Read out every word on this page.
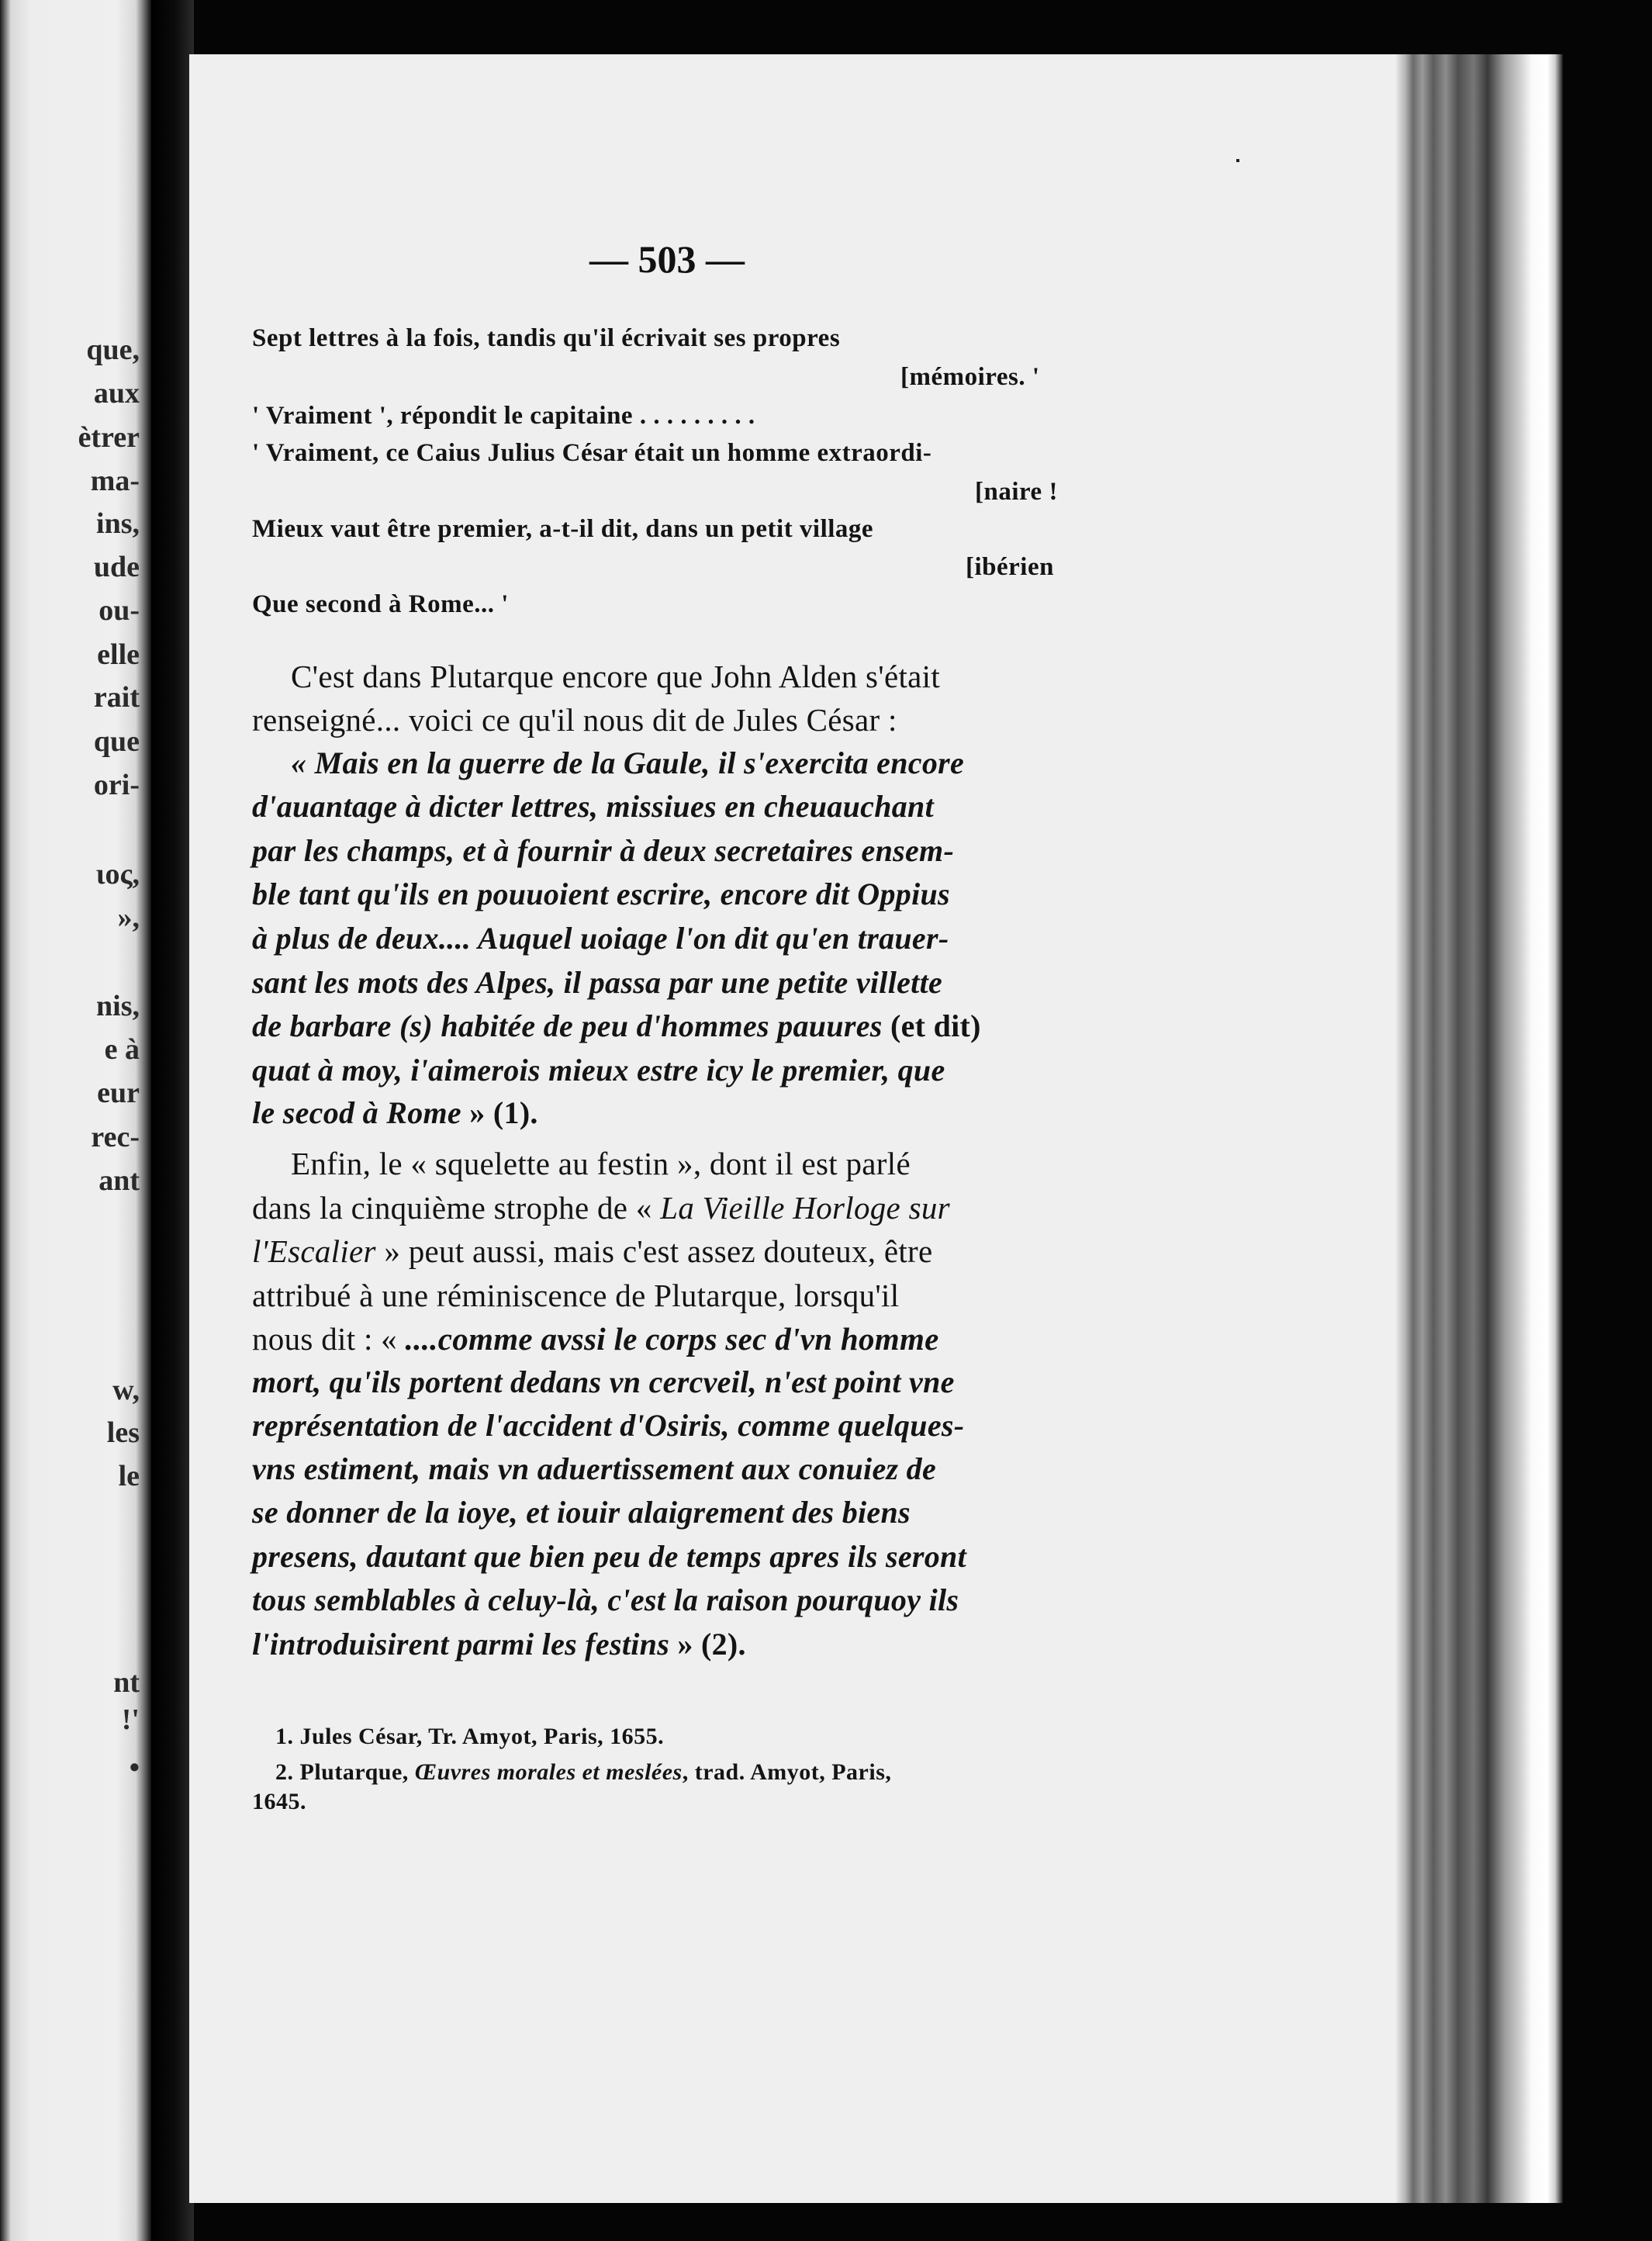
que,
aux
ètrer
ma-
ins,
ude
ou-
elle
rait
que
ori-
ιος,
»,
nis,
e à
eur
rec-
ant
w,
les
le
nt
!'
•
— 503 —
Sept lettres à la fois, tandis qu'il écrivait ses propres
[mémoires. '
' Vraiment ', répondit le capitaine . . . . . . . . .
' Vraiment, ce Caius Julius César était un homme extraordi-
[naire !
Mieux vaut être premier, a-t-il dit, dans un petit village
[ibérien
Que second à Rome... '
C'est dans Plutarque encore que John Alden s'était
renseigné... voici ce qu'il nous dit de Jules César :
« Mais en la guerre de la Gaule, il s'exercita encore
d'auantage à dicter lettres, missiues en cheuauchant
par les champs, et à fournir à deux secretaires ensem-
ble tant qu'ils en pouuoient escrire, encore dit Oppius
à plus de deux.... Auquel uoiage l'on dit qu'en trauer-
sant les mots des Alpes, il passa par une petite villette
de barbare (s) habitée de peu d'hommes pauures (et dit)
quat à moy, i'aimerois mieux estre icy le premier, que
le secod à Rome » (1).
Enfin, le « squelette au festin », dont il est parlé
dans la cinquième strophe de « La Vieille Horloge sur
l'Escalier » peut aussi, mais c'est assez douteux, être
attribué à une réminiscence de Plutarque, lorsqu'il
nous dit : « ....comme avssi le corps sec d'vn homme
mort, qu'ils portent dedans vn cercveil, n'est point vne
représentation de l'accident d'Osiris, comme quelques-
vns estiment, mais vn aduertissement aux conuiez de
se donner de la ioye, et iouir alaigrement des biens
presens, dautant que bien peu de temps apres ils seront
tous semblables à celuy-là, c'est la raison pourquoy ils
l'introduisirent parmi les festins » (2).
1. Jules César, Tr. Amyot, Paris, 1655.
2. Plutarque, Œuvres morales et meslées, trad. Amyot, Paris,
1645.
